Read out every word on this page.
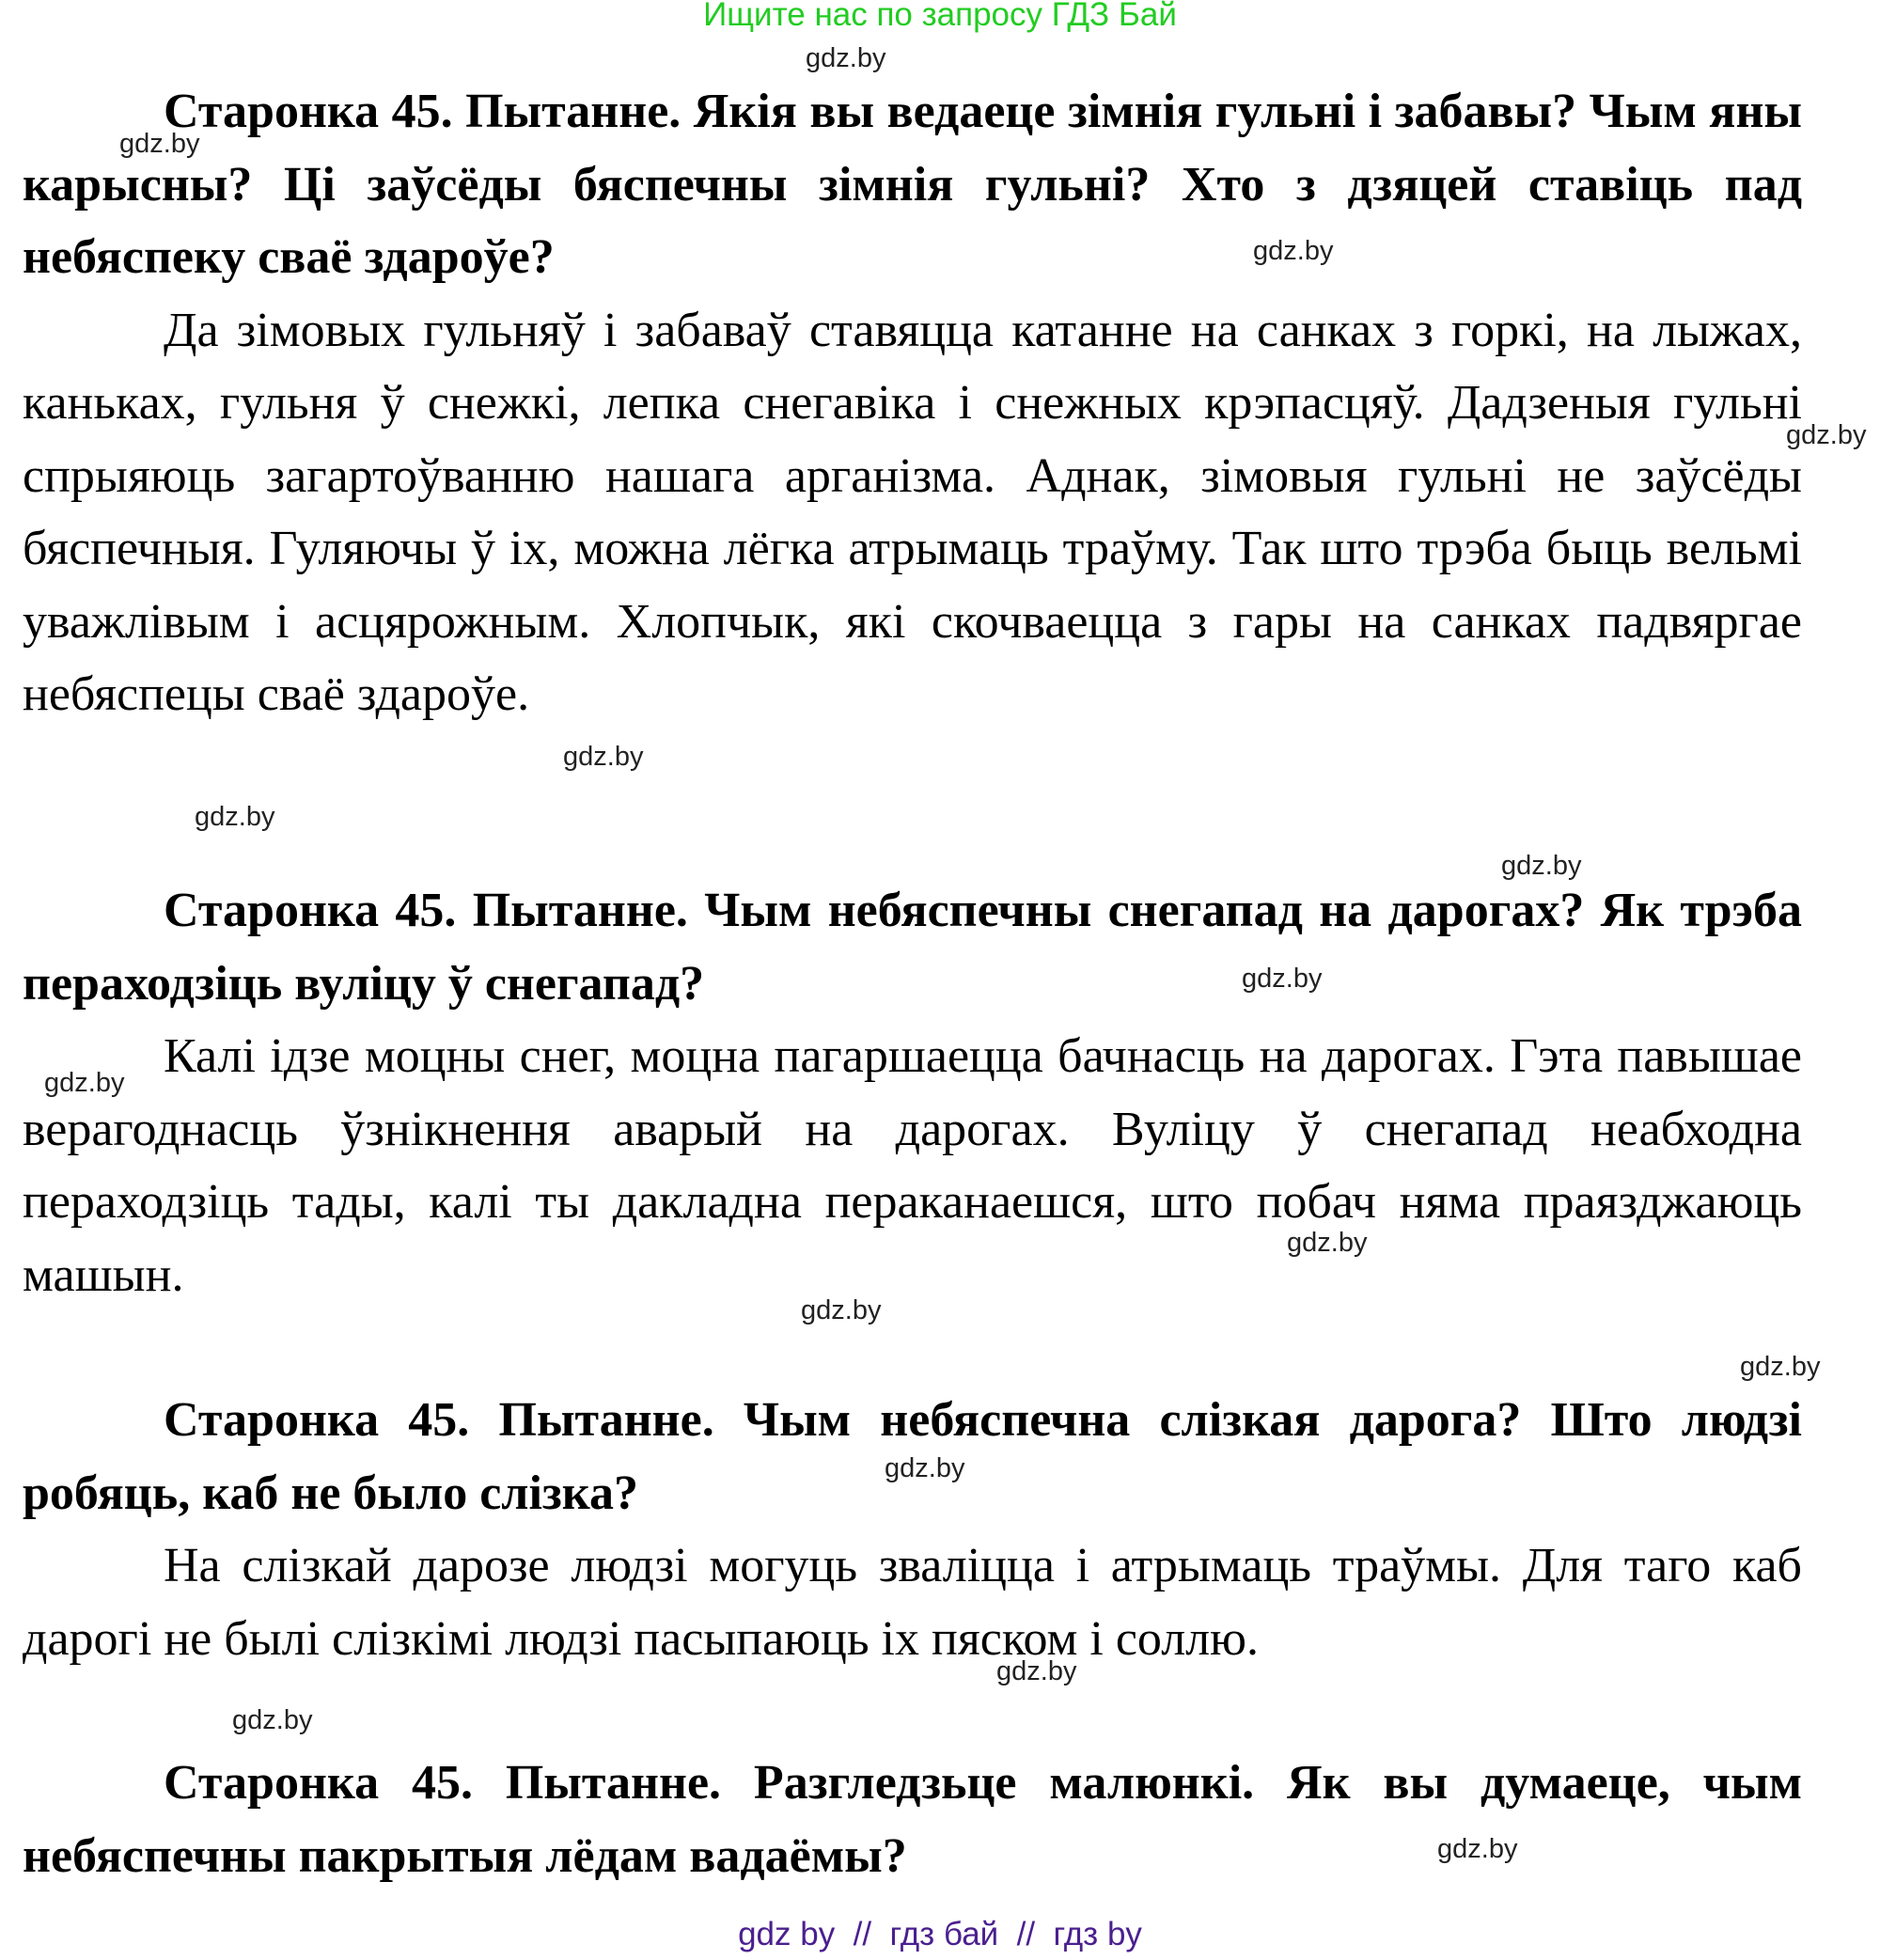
Ищите нас по запросу ГДЗ Бай
Старонка 45. Пытанне. Якія вы ведаеце зімнія гульні і забавы? Чым яны карысны? Ці заўсёды бяспечны зімнія гульні? Хто з дзяцей ставіць пад небяспеку сваё здароўе?

Да зімовых гульняў і забаваў ставяцца катанне на санках з горкі, на лыжах, каньках, гульня ў снежкі, лепка снегавіка і снежных крэпасцяў. Дадзеныя гульні спрыяюць загартоўванню нашага арганізма. Аднак, зімовыя гульні не заўсёды бяспечныя. Гуляючы ў іх, можна лёгка атрымаць траўму. Так што трэба быць вельмі уважлівым і асцярожным. Хлопчык, які скочваецца з гары на санках падвяргае небяспецы сваё здароўе.

Старонка 45. Пытанне. Чым небяспечны снегапад на дарогах? Як трэба пераходзіць вуліцу ў снегапад?

Калі ідзе моцны снег, моцна пагаршаецца бачнасць на дарогах. Гэта павышае верагоднасць ўзнікнення аварый на дарогах. Вуліцу ў снегапад неабходна пераходзіць тады, калі ты дакладна пераканаешся, што побач няма праязджаюць машын.

Старонка 45. Пытанне. Чым небяспечна слізкая дарога? Што людзі робяць, каб не было слізка?

На слізкай дарозе людзі могуць зваліцца і атрымаць траўмы. Для таго каб дарогі не былі слізкімі людзі пасыпаюць іх пяском і соллю.

Старонка 45. Пытанне. Разгледзьце малюнкі. Як вы думаеце, чым небяспечны пакрытыя лёдам вадаёмы?
gdz.by
gdz.by
gdz.by
gdz.by
gdz.by
gdz.by
gdz.by
gdz.by
gdz.by
gdz.by
gdz.by
gdz.by
gdz.by
gdz.by
gdz.by
gdz.by
gdz by  //  гдз бай  //  гдз by
